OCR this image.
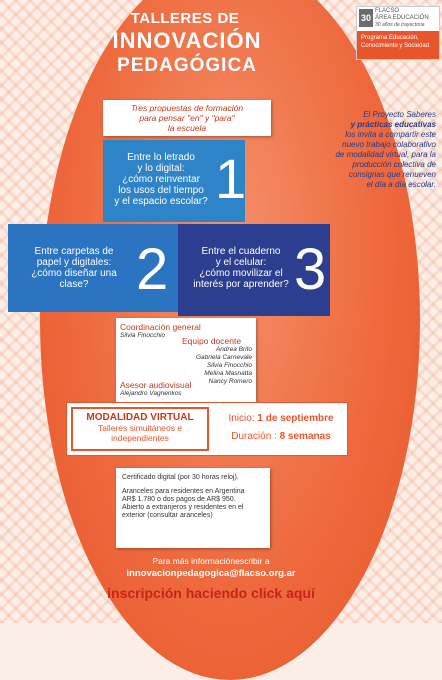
TALLERES DE
INNOVACIÓN
PEDAGÓGICA
30
FLACSO
ÁREA EDUCACIÓN
30 años de trayectoria
Programa Educación,
Conocimiento y Sociedad
Tres propuestas de formación
para pensar "en" y "para"
la escuela
El Proyecto Saberes
y prácticas educativas
los invita a compartir este
nuevo trabajo colaborativo
de modalidad virtual, para la
producción colectiva de
consignas que renueven
el día a día escolar.
Entre lo letrado
y lo digital:
¿cómo reinventar
los usos del tiempo
y el espacio escolar? 1
Entre carpetas de
papel y digitales:
¿cómo diseñar una
clase? 2	Entre el cuaderno
y el celular:
¿cómo movilizar el
interés por aprender? 3
Coordinación general
Silvia Finocchio
Equipo docente
Andrea Brito
Gabriela Carnevale
Silvia Finocchio
Melina Masnatta
Nancy Romero
Asesor audiovisual
Alejandro Vagnenkos
MODALIDAD VIRTUAL
Talleres simultáneos e
independientes
Inicio: 1 de septiembre
Duración : 8 semanas
Certificado digital (por 30 horas reloj).
Aranceles para residentes en Argentina
AR$ 1.780 o dos pagos de AR$ 950.
Abierto a extranjeros y residentes en el
exterior (consultar aranceles)
Para más informaciónescribir a
innovacionpedagogica@flacso.org.ar
inscripción haciendo click aquí
